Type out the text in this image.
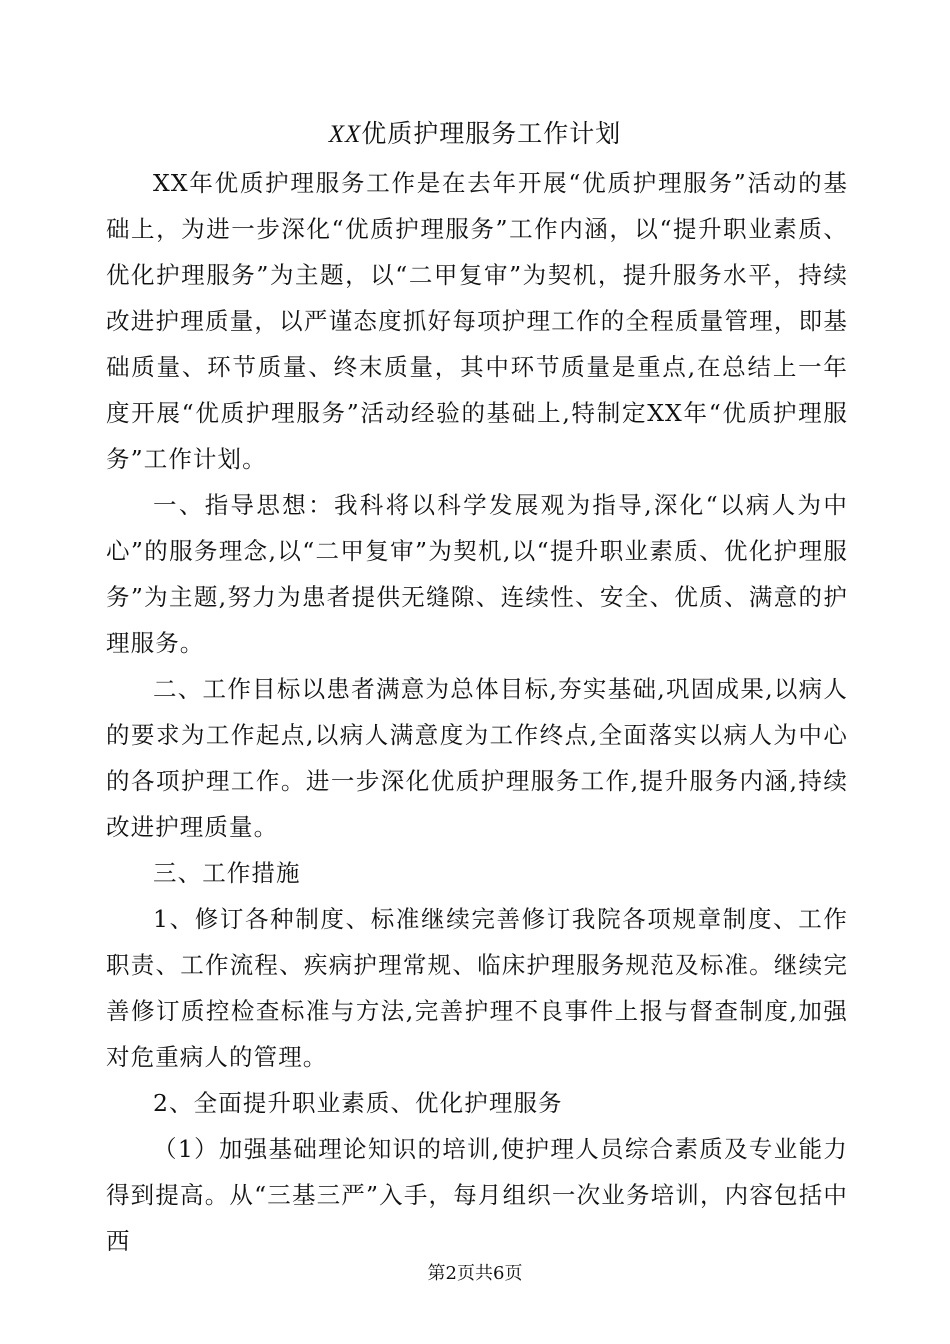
XX优质护理服务工作计划

XX年优质护理服务工作是在去年开展“优质护理服务”活动的基础上，为进一步深化“优质护理服务”工作内涵，以“提升职业素质、优化护理服务”为主题，以“二甲复审”为契机，提升服务水平，持续改进护理质量，以严谨态度抓好每项护理工作的全程质量管理，即基础质量、环节质量、终末质量，其中环节质量是重点,在总结上一年度开展“优质护理服务”活动经验的基础上,特制定XX年“优质护理服务”工作计划。

一、指导思想：我科将以科学发展观为指导,深化“以病人为中心”的服务理念,以“二甲复审”为契机,以“提升职业素质、优化护理服务”为主题,努力为患者提供无缝隙、连续性、安全、优质、满意的护理服务。

二、工作目标以患者满意为总体目标,夯实基础,巩固成果,以病人的要求为工作起点,以病人满意度为工作终点,全面落实以病人为中心的各项护理工作。进一步深化优质护理服务工作,提升服务内涵,持续改进护理质量。

三、工作措施

1、修订各种制度、标准继续完善修订我院各项规章制度、工作职责、工作流程、疾病护理常规、临床护理服务规范及标准。继续完善修订质控检查标准与方法,完善护理不良事件上报与督查制度,加强对危重病人的管理。

2、全面提升职业素质、优化护理服务

（1）加强基础理论知识的培训,使护理人员综合素质及专业能力得到提高。从“三基三严”入手，每月组织一次业务培训，内容包括中西

第2页共6页
